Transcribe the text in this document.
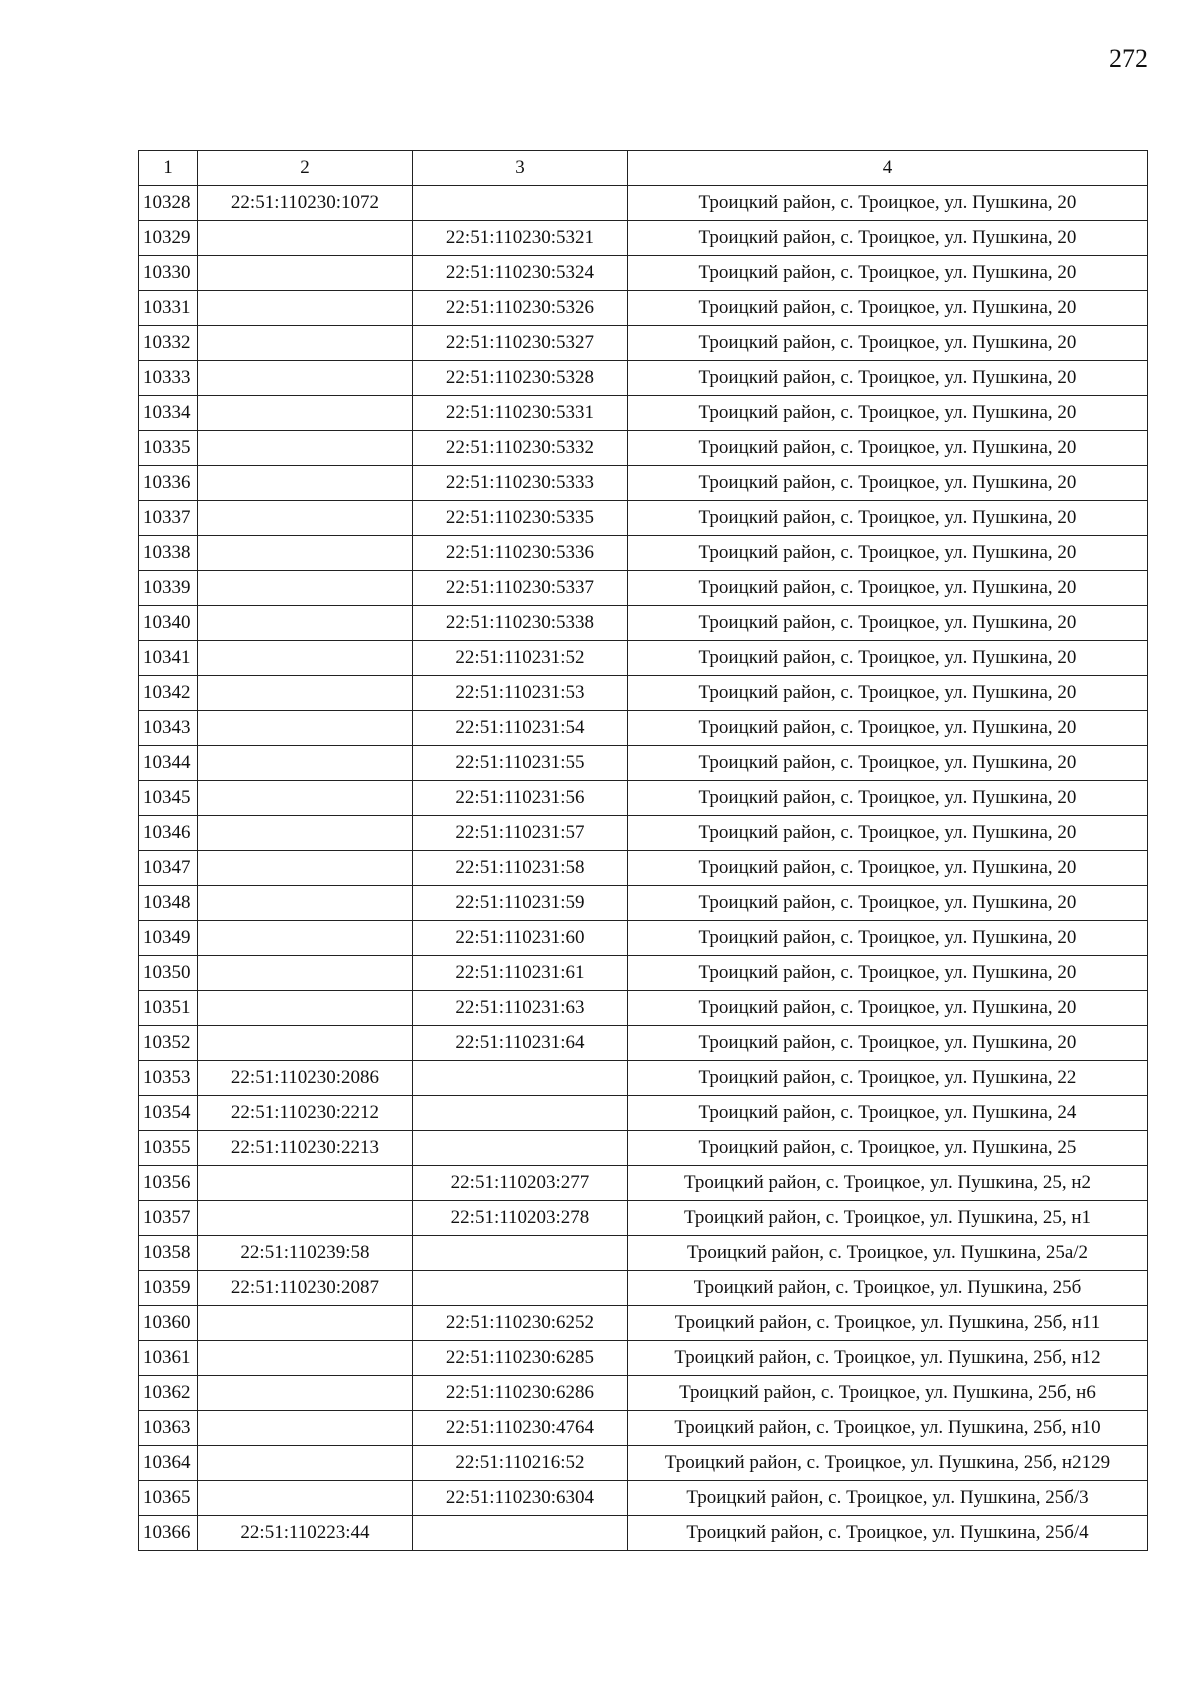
272
1	2	3	4
10328	22:51:110230:1072		Троицкий район, с. Троицкое, ул. Пушкина, 20
10329		22:51:110230:5321	Троицкий район, с. Троицкое, ул. Пушкина, 20
10330		22:51:110230:5324	Троицкий район, с. Троицкое, ул. Пушкина, 20
10331		22:51:110230:5326	Троицкий район, с. Троицкое, ул. Пушкина, 20
10332		22:51:110230:5327	Троицкий район, с. Троицкое, ул. Пушкина, 20
10333		22:51:110230:5328	Троицкий район, с. Троицкое, ул. Пушкина, 20
10334		22:51:110230:5331	Троицкий район, с. Троицкое, ул. Пушкина, 20
10335		22:51:110230:5332	Троицкий район, с. Троицкое, ул. Пушкина, 20
10336		22:51:110230:5333	Троицкий район, с. Троицкое, ул. Пушкина, 20
10337		22:51:110230:5335	Троицкий район, с. Троицкое, ул. Пушкина, 20
10338		22:51:110230:5336	Троицкий район, с. Троицкое, ул. Пушкина, 20
10339		22:51:110230:5337	Троицкий район, с. Троицкое, ул. Пушкина, 20
10340		22:51:110230:5338	Троицкий район, с. Троицкое, ул. Пушкина, 20
10341		22:51:110231:52	Троицкий район, с. Троицкое, ул. Пушкина, 20
10342		22:51:110231:53	Троицкий район, с. Троицкое, ул. Пушкина, 20
10343		22:51:110231:54	Троицкий район, с. Троицкое, ул. Пушкина, 20
10344		22:51:110231:55	Троицкий район, с. Троицкое, ул. Пушкина, 20
10345		22:51:110231:56	Троицкий район, с. Троицкое, ул. Пушкина, 20
10346		22:51:110231:57	Троицкий район, с. Троицкое, ул. Пушкина, 20
10347		22:51:110231:58	Троицкий район, с. Троицкое, ул. Пушкина, 20
10348		22:51:110231:59	Троицкий район, с. Троицкое, ул. Пушкина, 20
10349		22:51:110231:60	Троицкий район, с. Троицкое, ул. Пушкина, 20
10350		22:51:110231:61	Троицкий район, с. Троицкое, ул. Пушкина, 20
10351		22:51:110231:63	Троицкий район, с. Троицкое, ул. Пушкина, 20
10352		22:51:110231:64	Троицкий район, с. Троицкое, ул. Пушкина, 20
10353	22:51:110230:2086		Троицкий район, с. Троицкое, ул. Пушкина, 22
10354	22:51:110230:2212		Троицкий район, с. Троицкое, ул. Пушкина, 24
10355	22:51:110230:2213		Троицкий район, с. Троицкое, ул. Пушкина, 25
10356		22:51:110203:277	Троицкий район, с. Троицкое, ул. Пушкина, 25, н2
10357		22:51:110203:278	Троицкий район, с. Троицкое, ул. Пушкина, 25, н1
10358	22:51:110239:58		Троицкий район, с. Троицкое, ул. Пушкина, 25а/2
10359	22:51:110230:2087		Троицкий район, с. Троицкое, ул. Пушкина, 25б
10360		22:51:110230:6252	Троицкий район, с. Троицкое, ул. Пушкина, 25б, н11
10361		22:51:110230:6285	Троицкий район, с. Троицкое, ул. Пушкина, 25б, н12
10362		22:51:110230:6286	Троицкий район, с. Троицкое, ул. Пушкина, 25б, н6
10363		22:51:110230:4764	Троицкий район, с. Троицкое, ул. Пушкина, 25б, н10
10364		22:51:110216:52	Троицкий район, с. Троицкое, ул. Пушкина, 25б, н2129
10365		22:51:110230:6304	Троицкий район, с. Троицкое, ул. Пушкина, 25б/3
10366	22:51:110223:44		Троицкий район, с. Троицкое, ул. Пушкина, 25б/4
